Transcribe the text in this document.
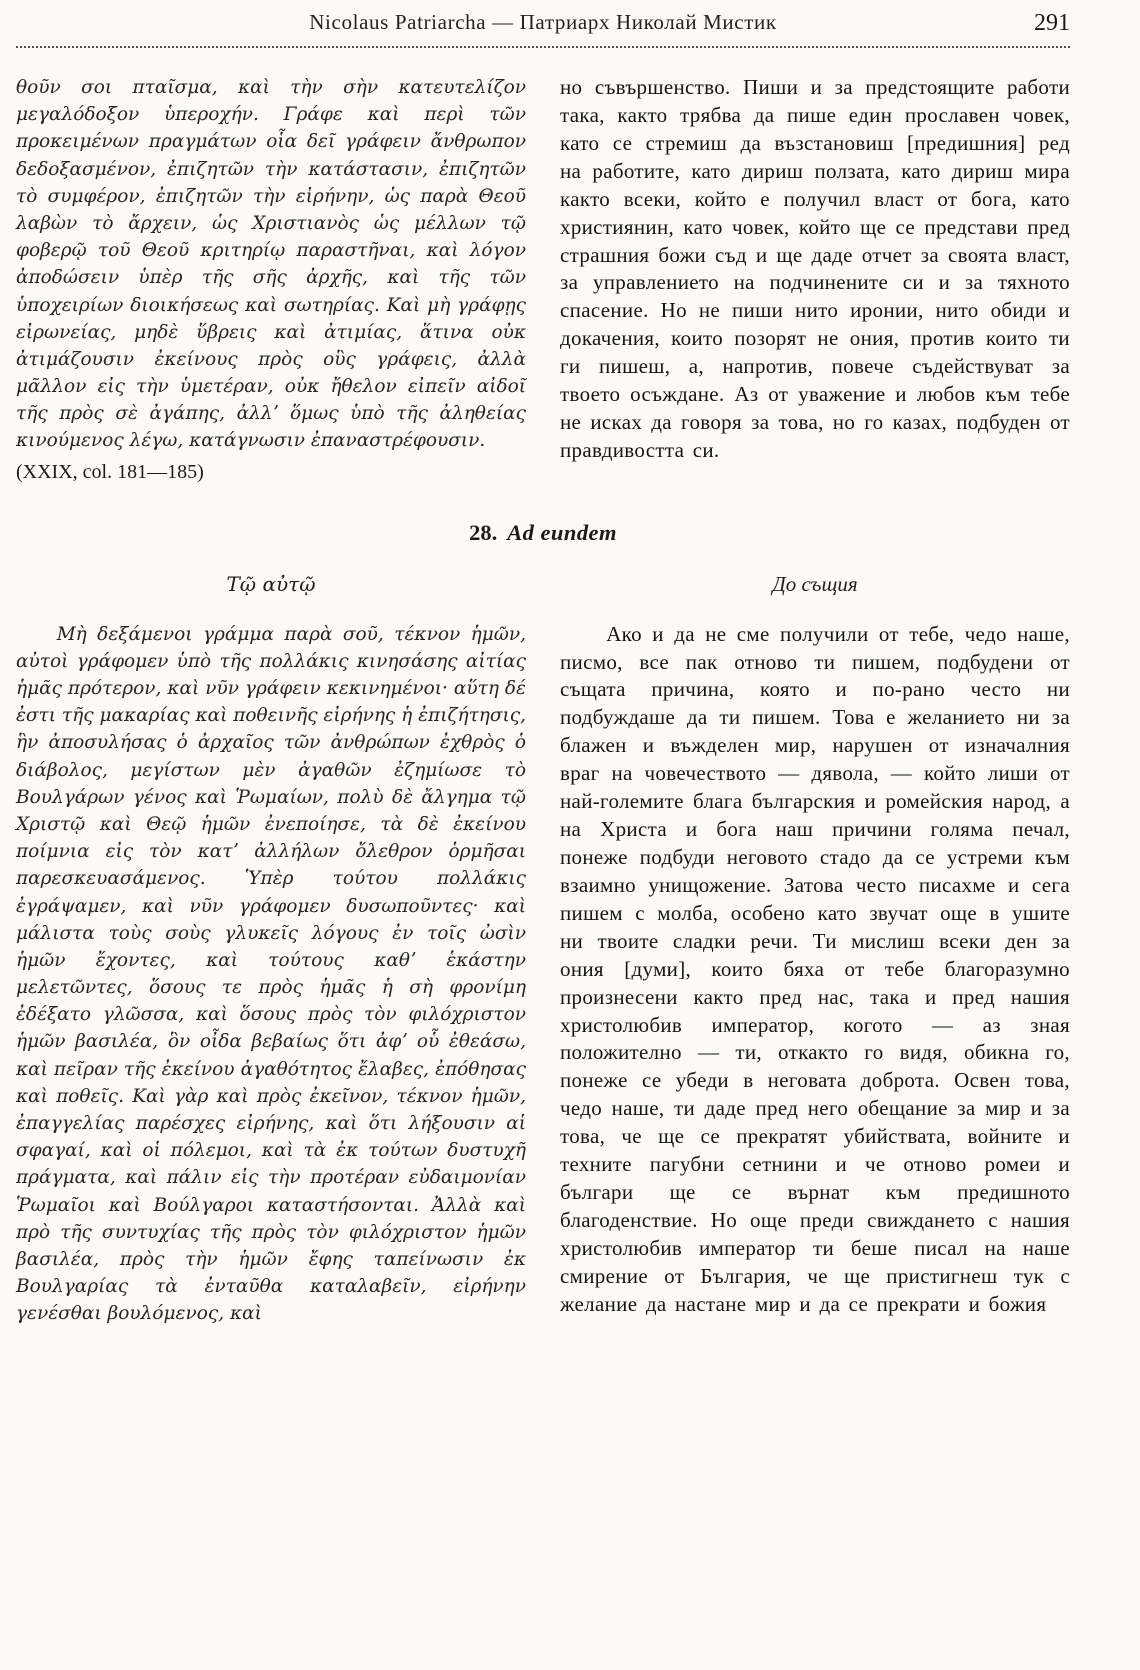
Nicolaus Patriarcha — Патриарх Николай Мистик	291

θοῦν σοι πταῖσμα, καὶ τὴν σὴν κατευτελίζον μεγαλόδοξον ὑπεροχήν. Γράφε καὶ περὶ τῶν προκειμένων πραγμάτων οἷα δεῖ γράφειν ἄνθρωπον δεδοξασμένον, ἐπιζητῶν τὴν κατάστασιν, ἐπιζητῶν τὸ συμφέρον, ἐπιζητῶν τὴν εἰρήνην, ὡς παρὰ Θεοῦ λαβὼν τὸ ἄρχειν, ὡς Χριστιανὸς ὡς μέλλων τῷ φοβερῷ τοῦ Θεοῦ κριτηρίῳ παραστῆναι, καὶ λόγον ἀποδώσειν ὑπὲρ τῆς σῆς ἀρχῆς, καὶ τῆς τῶν ὑποχειρίων διοικήσεως καὶ σωτηρίας. Καὶ μὴ γράφῃς εἰρωνείας, μηδὲ ὕβρεις καὶ ἀτιμίας, ἅτινα οὐκ ἀτιμάζουσιν ἐκείνους πρὸς οὓς γράφεις, ἀλλὰ μᾶλλον εἰς τὴν ὑμετέραν, οὐκ ἤθελον εἰπεῖν αἰδοῖ τῆς πρὸς σὲ ἀγάπης, ἀλλʼ ὅμως ὑπὸ τῆς ἀληθείας κινούμενος λέγω, κατάγνωσιν ἐπαναστρέφουσιν.

(XXIX, col. 181—185)

но съвършенство. Пиши и за предстоящите работи така, както трябва да пише един прославен човек, като се стремиш да възстановиш [предишния] ред на работите, като дириш ползата, като дириш мира както всеки, който е получил власт от бога, като християнин, като човек, който ще се представи пред страшния божи съд и ще даде отчет за своята власт, за управлението на подчинените си и за тяхното спасение. Но не пиши нито иронии, нито обиди и докачения, които позорят не ония, против които ти ги пишеш, а, напротив, повече съдействуват за твоето осъждане. Аз от уважение и любов към тебе не исках да говоря за това, но го казах, подбуден от правдивостта си.

28. Ad eundem
Τῷ αὐτῷ	До същия

Μὴ δεξάμενοι γράμμα παρὰ σοῦ, τέκνον ἡμῶν, αὐτοὶ γράφομεν ὑπὸ τῆς πολλάκις κινησάσης αἰτίας ἡμᾶς πρότερον, καὶ νῦν γράφειν κεκινημένοι· αὕτη δέ ἐστι τῆς μακαρίας καὶ ποθεινῆς εἰρήνης ἡ ἐπιζήτησις, ἣν ἀποσυλήσας ὁ ἀρχαῖος τῶν ἀνθρώπων ἐχθρὸς ὁ διάβολος, μεγίστων μὲν ἀγαθῶν ἐζημίωσε τὸ Βουλγάρων γένος καὶ Ῥωμαίων, πολὺ δὲ ἄλγημα τῷ Χριστῷ καὶ Θεῷ ἡμῶν ἐνεποίησε, τὰ δὲ ἐκείνου ποίμνια εἰς τὸν κατʼ ἀλλήλων ὄλεθρον ὁρμῆσαι παρεσκευασάμενος. Ὑπὲρ τούτου πολλάκις ἐγράψαμεν, καὶ νῦν γράφομεν δυσωποῦντες· καὶ μάλιστα τοὺς σοὺς γλυκεῖς λόγους ἐν τοῖς ὠσὶν ἡμῶν ἔχοντες, καὶ τούτους καθʼ ἑκάστην μελετῶντες, ὅσους τε πρὸς ἡμᾶς ἡ σὴ φρονίμη ἐδέξατο γλῶσσα, καὶ ὅσους πρὸς τὸν φιλόχριστον ἡμῶν βασιλέα, ὃν οἶδα βεβαίως ὅτι ἀφʼ οὗ ἐθεάσω, καὶ πεῖραν τῆς ἐκείνου ἀγαθότητος ἔλαβες, ἐπόθησας καὶ ποθεῖς. Καὶ γὰρ καὶ πρὸς ἐκεῖνον, τέκνον ἡμῶν, ἐπαγγελίας παρέσχες εἰρήνης, καὶ ὅτι λήξουσιν αἱ σφαγαί, καὶ οἱ πόλεμοι, καὶ τὰ ἐκ τούτων δυστυχῆ πράγματα, καὶ πάλιν εἰς τὴν προτέραν εὐδαιμονίαν Ῥωμαῖοι καὶ Βούλγαροι καταστήσονται. Ἀλλὰ καὶ πρὸ τῆς συντυχίας τῆς πρὸς τὸν φιλόχριστον ἡμῶν βασιλέα, πρὸς τὴν ἡμῶν ἔφης ταπείνωσιν ἐκ Βουλγαρίας τὰ ἐνταῦθα καταλαβεῖν, εἰρήνην γενέσθαι βουλόμενος, καὶ

Ако и да не сме получили от тебе, чедо наше, писмо, все пак отново ти пишем, подбудени от същата причина, която и по-рано често ни подбуждаше да ти пишем. Това е желанието ни за блажен и въжделен мир, нарушен от изначалния враг на човечеството — дявола, — който лиши от най-големите блага българския и ромейския народ, а на Христа и бога наш причини голяма печал, понеже подбуди неговото стадо да се устреми към взаимно унищожение. Затова често писахме и сега пишем с молба, особено като звучат още в ушите ни твоите сладки речи. Ти мислиш всеки ден за ония [думи], които бяха от тебе благоразумно произнесени както пред нас, така и пред нашия христолюбив император, когото — аз зная положително — ти, откакто го видя, обикна го, понеже се убеди в неговата доброта. Освен това, чедо наше, ти даде пред него обещание за мир и за това, че ще се прекратят убийствата, войните и техните пагубни сетнини и че отново ромеи и българи ще се върнат към предишното благоденствие. Но още преди свиждането с нашия христолюбив император ти беше писал на наше смирение от България, че ще пристигнеш тук с желание да настане мир и да се прекрати и божия
